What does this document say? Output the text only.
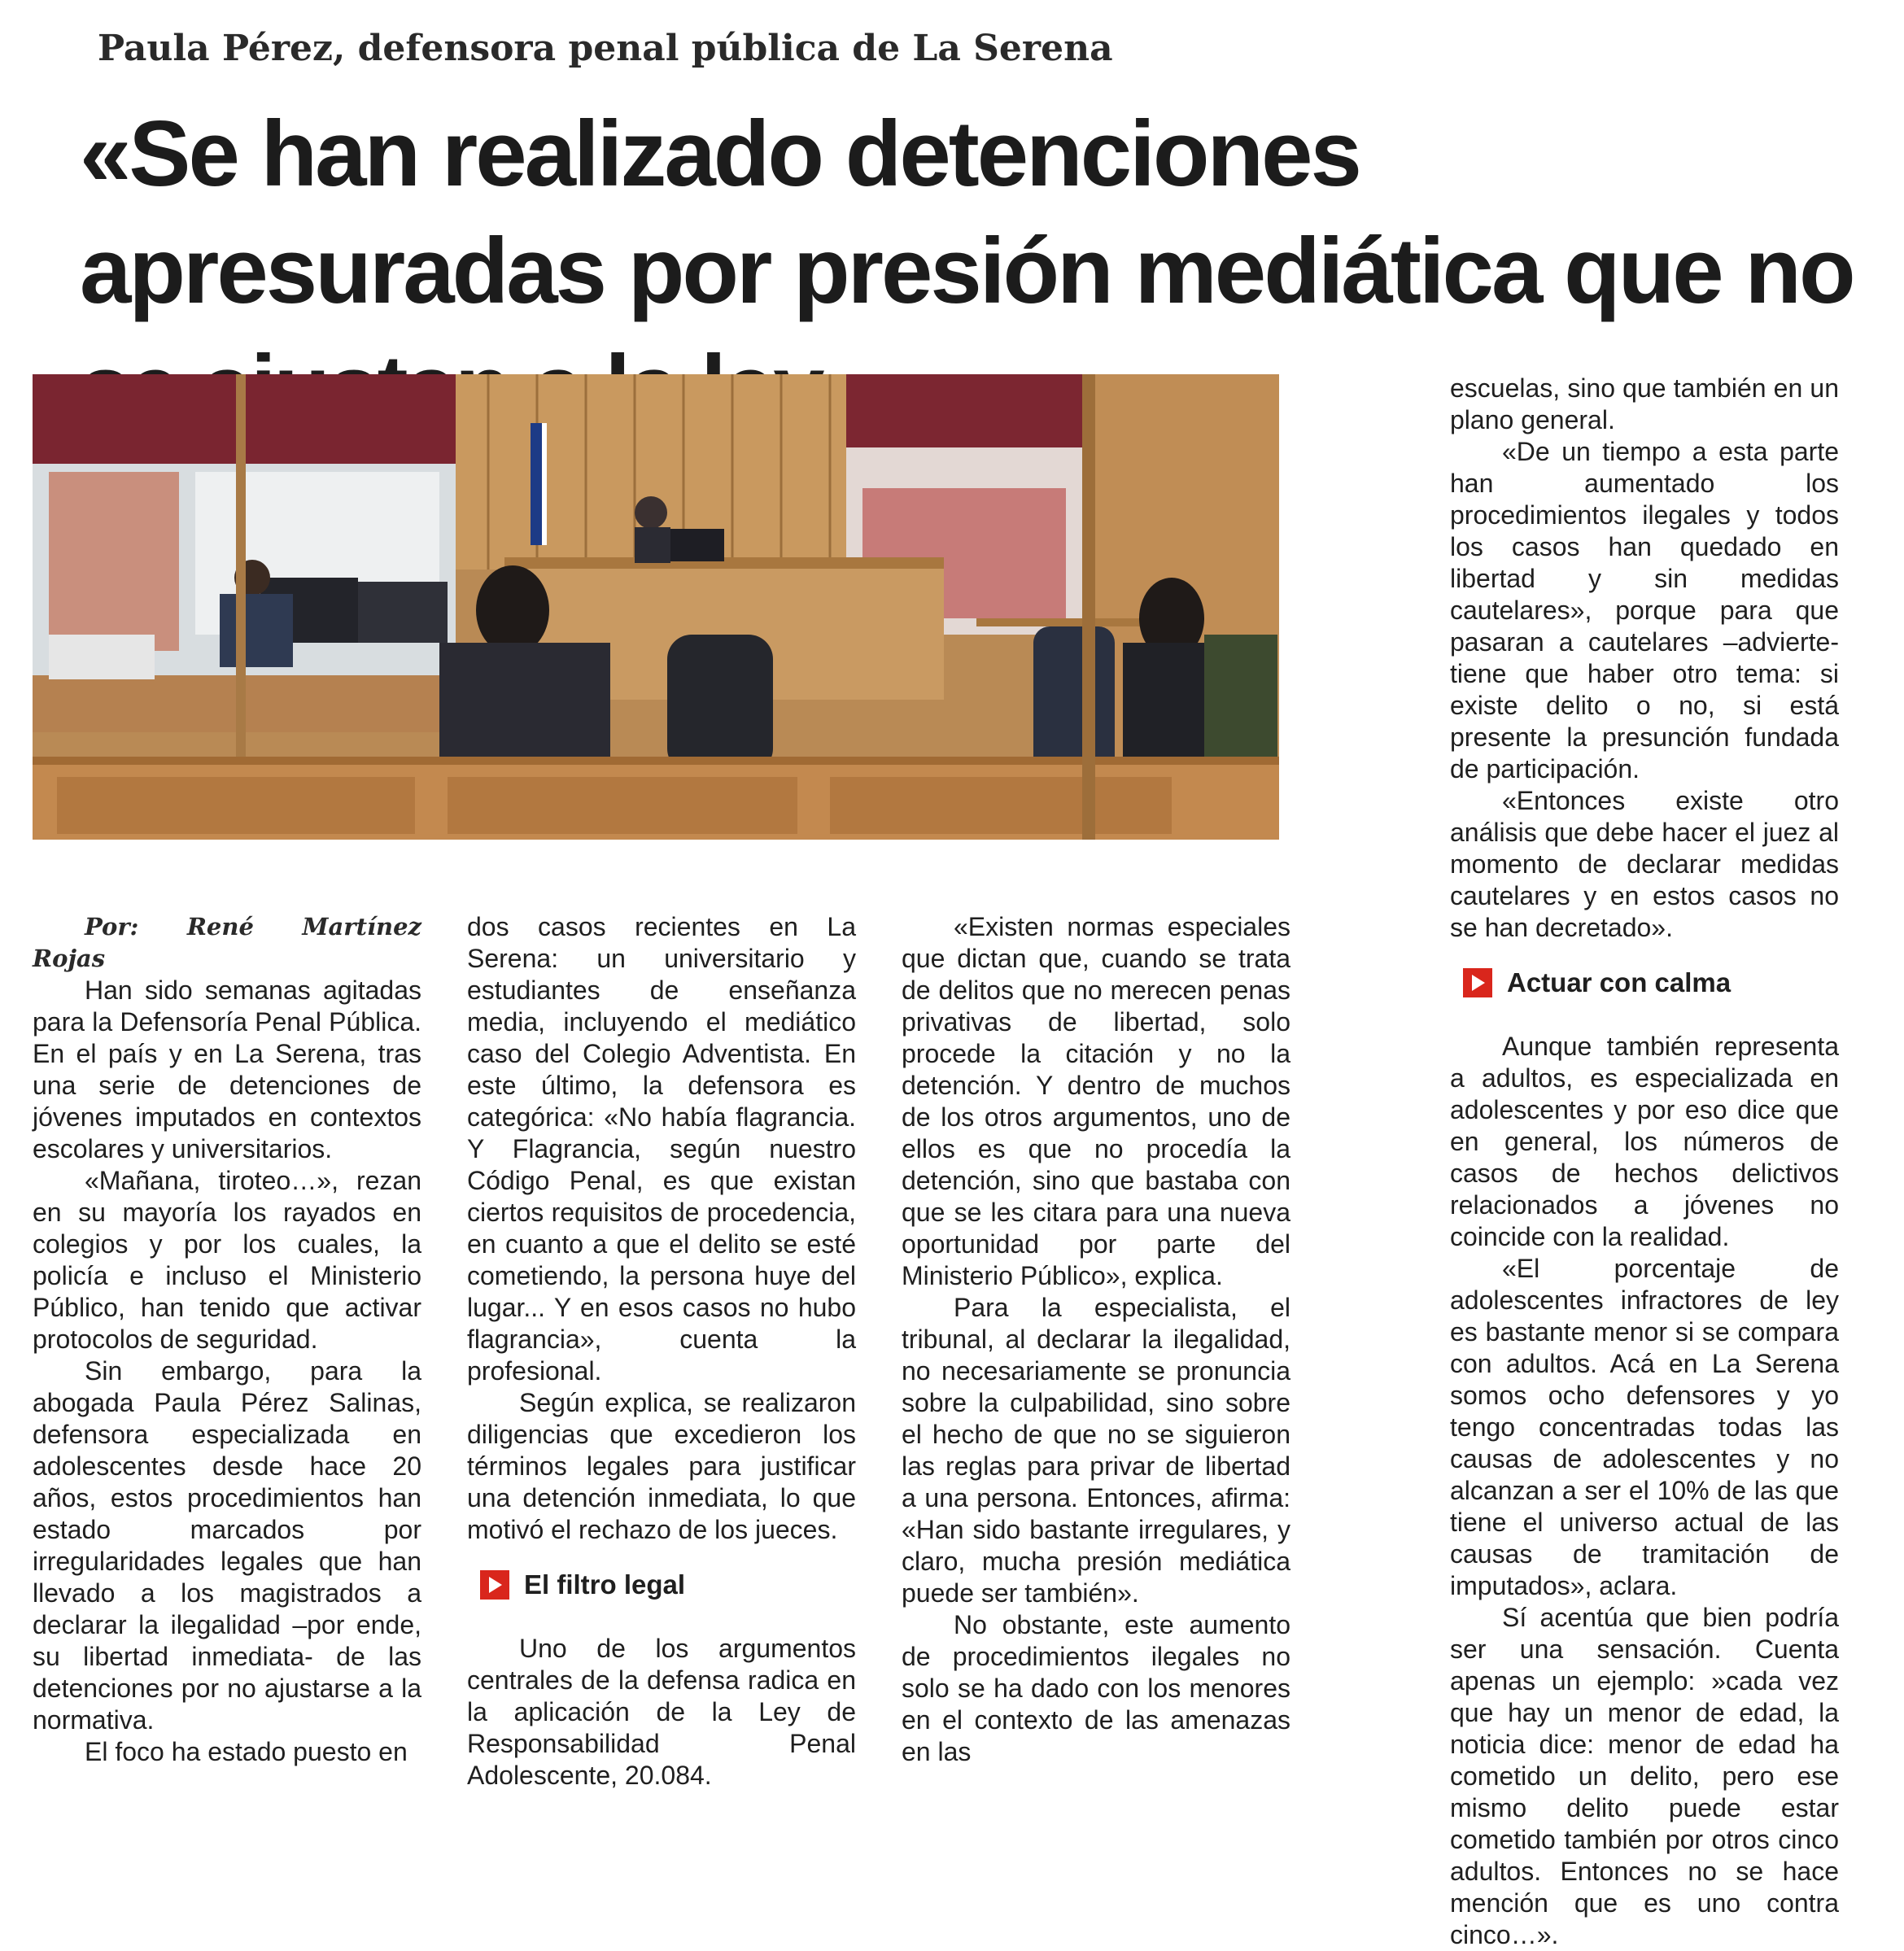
Paula Pérez, defensora penal pública de La Serena
«Se han realizado detenciones apresuradas por presión mediática que no

Por: René Martínez Rojas

Han sido semanas agitadas para la Defensoría Penal Pública. En el país y en La Serena, tras una serie de detenciones de jóvenes imputados en contextos escolares y universitarios.

«Mañana, tiroteo…», rezan en su mayoría los rayados en colegios y por los cuales, la policía e incluso el Ministerio Público, han tenido que activar protocolos de seguridad.

Sin embargo, para la abogada Paula Pérez Salinas, defensora especializada en adolescentes desde hace 20 años, estos procedimientos han estado marcados por irregularidades legales que han llevado a los magistrados a declarar la ilegalidad –por ende, su libertad inmediata- de las detenciones por no ajustarse a la normativa.

El foco ha estado puesto en

dos casos recientes en La Serena: un universitario y estudiantes de enseñanza media, incluyendo el mediático caso del Colegio Adventista. En este último, la defensora es categórica: «No había flagrancia. Y Flagrancia, según nuestro Código Penal, es que existan ciertos requisitos de procedencia, en cuanto a que el delito se esté cometiendo, la persona huye del lugar... Y en esos casos no hubo flagrancia», cuenta la profesional.

Según explica, se realizaron diligencias que excedieron los términos legales para justificar una detención inmediata, lo que motivó el rechazo de los jueces.

El filtro legal

Uno de los argumentos centrales de la defensa radica en la aplicación de la Ley de Responsabilidad Penal Adolescente, 20.084.

«Existen normas especiales que dictan que, cuando se trata de delitos que no merecen penas privativas de libertad, solo procede la citación y no la detención. Y dentro de muchos de los otros argumentos, uno de ellos es que no procedía la detención, sino que bastaba con que se les citara para una nueva oportunidad por parte del Ministerio Público», explica.

Para la especialista, el tribunal, al declarar la ilegalidad, no necesariamente se pronuncia sobre la culpabilidad, sino sobre el hecho de que no se siguieron las reglas para privar de libertad a una persona. Entonces, afirma: «Han sido bastante irregulares, y claro, mucha presión mediática puede ser también».

No obstante, este aumento de procedimientos ilegales no solo se ha dado con los menores en el contexto de las amenazas en las

escuelas, sino que también en un plano general.

«De un tiempo a esta parte han aumentado los procedimientos ilegales y todos los casos han quedado en libertad y sin medidas cautelares», porque para que pasaran a cautelares –advierte- tiene que haber otro tema: si existe delito o no, si está presente la presunción fundada de participación.

«Entonces existe otro análisis que debe hacer el juez al momento de declarar medidas cautelares y en estos casos no se han decretado».

Actuar con calma

Aunque también representa a adultos, es especializada en adolescentes y por eso dice que en general, los números de casos de hechos delictivos relacionados a jóvenes no coincide con la realidad.

«El porcentaje de adolescentes infractores de ley es bastante menor si se compara con adultos. Acá en La Serena somos ocho defensores y yo tengo concentradas todas las causas de adolescentes y no alcanzan a ser el 10% de las que tiene el universo actual de las causas de tramitación de imputados», aclara.

Sí acentúa que bien podría ser una sensación. Cuenta apenas un ejemplo: »cada vez que hay un menor de edad, la noticia dice: menor de edad ha cometido un delito, pero ese mismo delito puede estar cometido también por otros cinco adultos. Entonces no se hace mención que es uno contra cinco…».
